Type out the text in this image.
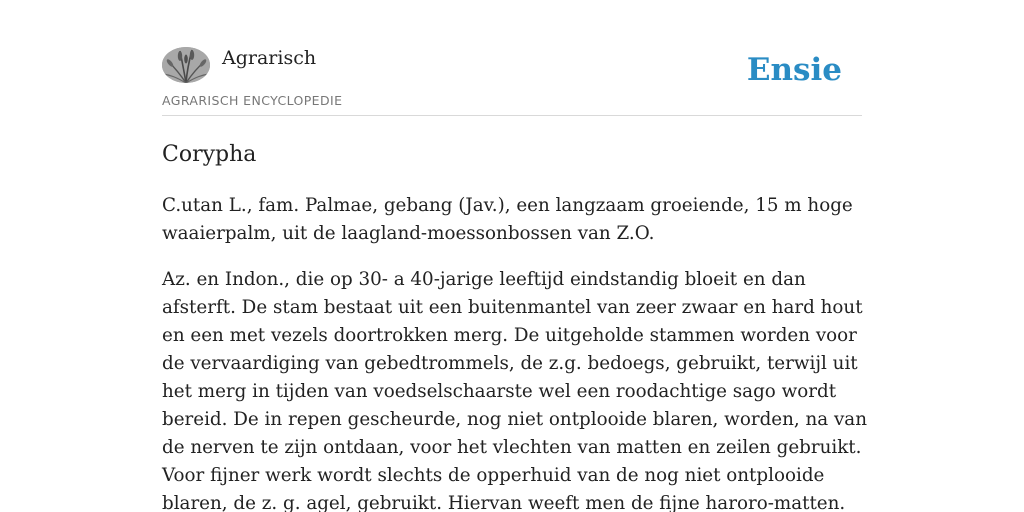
Agrarisch
AGRARISCH ENCYCLOPEDIE
Ensie
Corypha

C.utan L., fam. Palmae, gebang (Jav.), een langzaam groeiende, 15 m hoge waaierpalm, uit de laagland-moessonbossen van Z.O.

Az. en Indon., die op 30- a 40-jarige leeftijd eindstandig bloeit en dan afsterft. De stam bestaat uit een buitenmantel van zeer zwaar en hard hout en een met vezels doortrokken merg. De uitgeholde stammen worden voor de vervaardiging van gebedtrommels, de z.g. bedoegs, gebruikt, terwijl uit het merg in tijden van voedselschaarste wel een roodachtige sago wordt bereid. De in repen gescheurde, nog niet ontplooide blaren, worden, na van de nerven te zijn ontdaan, voor het vlechten van matten en zeilen gebruikt. Voor fijner werk wordt slechts de opperhuid van de nog niet ontplooide blaren, de z. g. agel, gebruikt. Hiervan weeft men de fijne haroro-matten.
